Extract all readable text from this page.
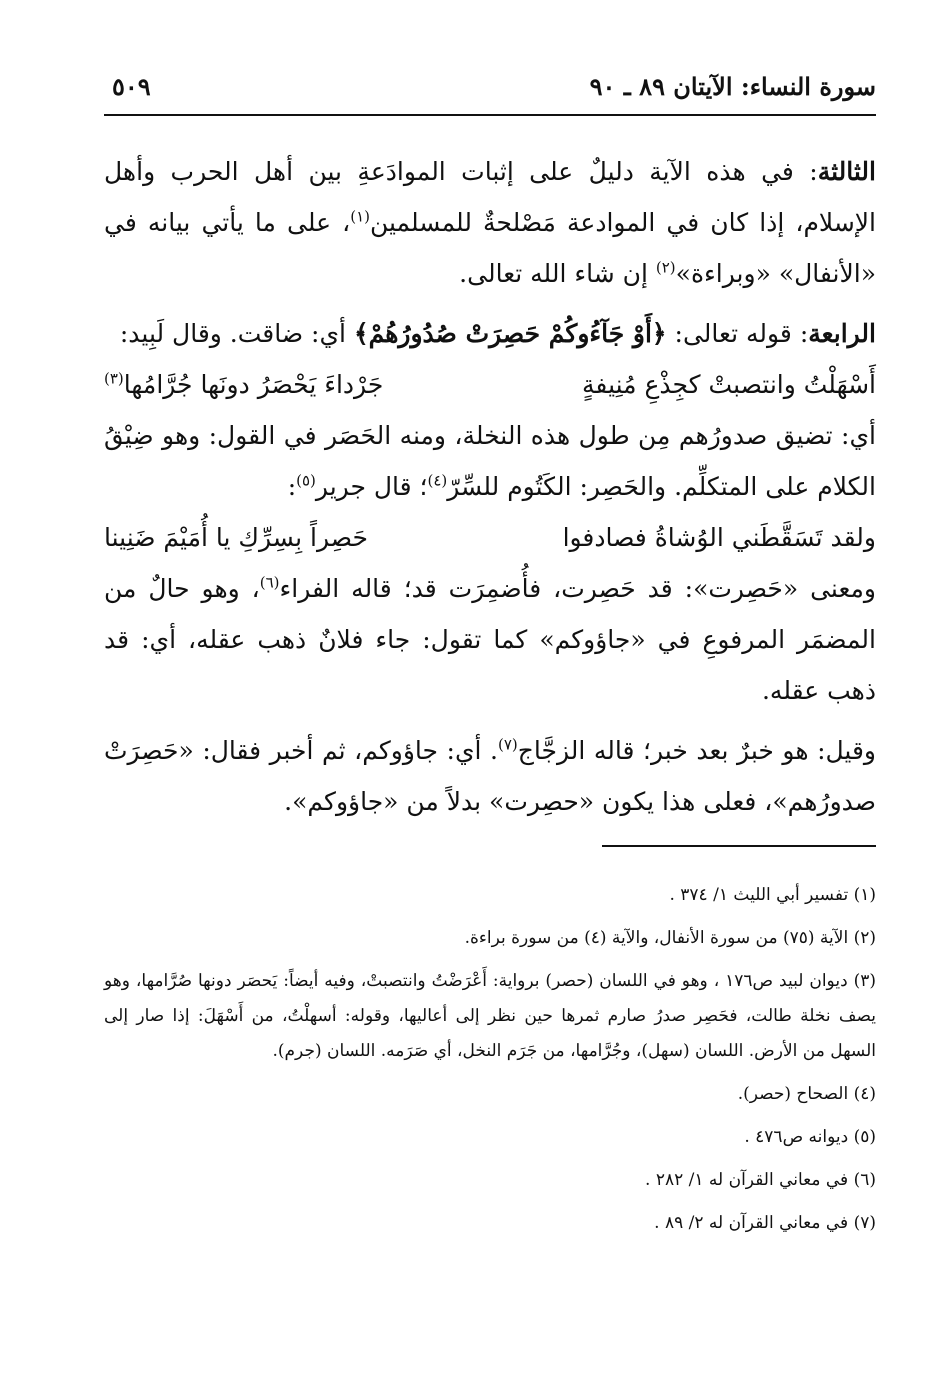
سورة النساء: الآيتان ٨٩ ـ ٩٠
٥٠٩

الثالثة: في هذه الآية دليلٌ على إثبات الموادَعةِ بين أهل الحرب وأهل الإسلام، إذا كان في الموادعة مَصْلحةٌ للمسلمين$^{(١)}$، على ما يأتي بيانه في «الأنفال» «وبراءة»$^{(٢)}$ إن شاء الله تعالى.

الرابعة: قوله تعالى: ﴿أَوْ جَآءُوكُمْ حَصِرَتْ صُدُورُهُمْ﴾ أي: ضاقت. وقال لَبِيد:

أَسْهَلْتُ وانتصبتْ كجِذْعِ مُنِيفةٍ
جَرْداءَ يَحْصَرُ دونَها جُرَّامُها$^{(٣)}$

أي: تضيق صدورُهم مِن طول هذه النخلة، ومنه الحَصَر في القول: وهو ضِيْقُ الكلام على المتكلِّم. والحَصِر: الكَتُوم للسِّرّ$^{(٤)}$؛ قال جرير$^{(٥)}$:

ولقد تَسَقَّطَني الوُشاةُ فصادفوا
حَصِراً بِسِرِّكِ يا أُمَيْمَ ضَنِينا

ومعنى «حَصِرت»: قد حَصِرت، فأُضمِرَت قد؛ قاله الفراء$^{(٦)}$، وهو حالٌ من المضمَر المرفوعِ في «جاؤوكم» كما تقول: جاء فلانٌ ذهب عقله، أي: قد ذهب عقله.

وقيل: هو خبرٌ بعد خبر؛ قاله الزجَّاج$^{(٧)}$. أي: جاؤوكم، ثم أخبر فقال: «حَصِرَتْ صدورُهم»، فعلى هذا يكون «حصِرت» بدلاً من «جاؤوكم».

(١) تفسير أبي الليث ١/ ٣٧٤ .

(٢) الآية (٧٥) من سورة الأنفال، والآية (٤) من سورة براءة.

(٣) ديوان لبيد ص١٧٦ ، وهو في اللسان (حصر) برواية: أَعْرَضْتُ وانتصبتْ، وفيه أيضاً: يَحصَر دونها صُرَّامها، وهو يصف نخلة طالت، فحَصِر صدرُ صارم ثمرها حين نظر إلى أعاليها، وقوله: أسهلْتُ، من أَسْهَلَ: إذا صار إلى السهل من الأرض. اللسان (سهل)، وجُرَّامها، من جَرَم النخل، أي صَرَمه. اللسان (جرم).

(٤) الصحاح (حصر).

(٥) ديوانه ص٤٧٦ .

(٦) في معاني القرآن له ١/ ٢٨٢ .

(٧) في معاني القرآن له ٢/ ٨٩ .
